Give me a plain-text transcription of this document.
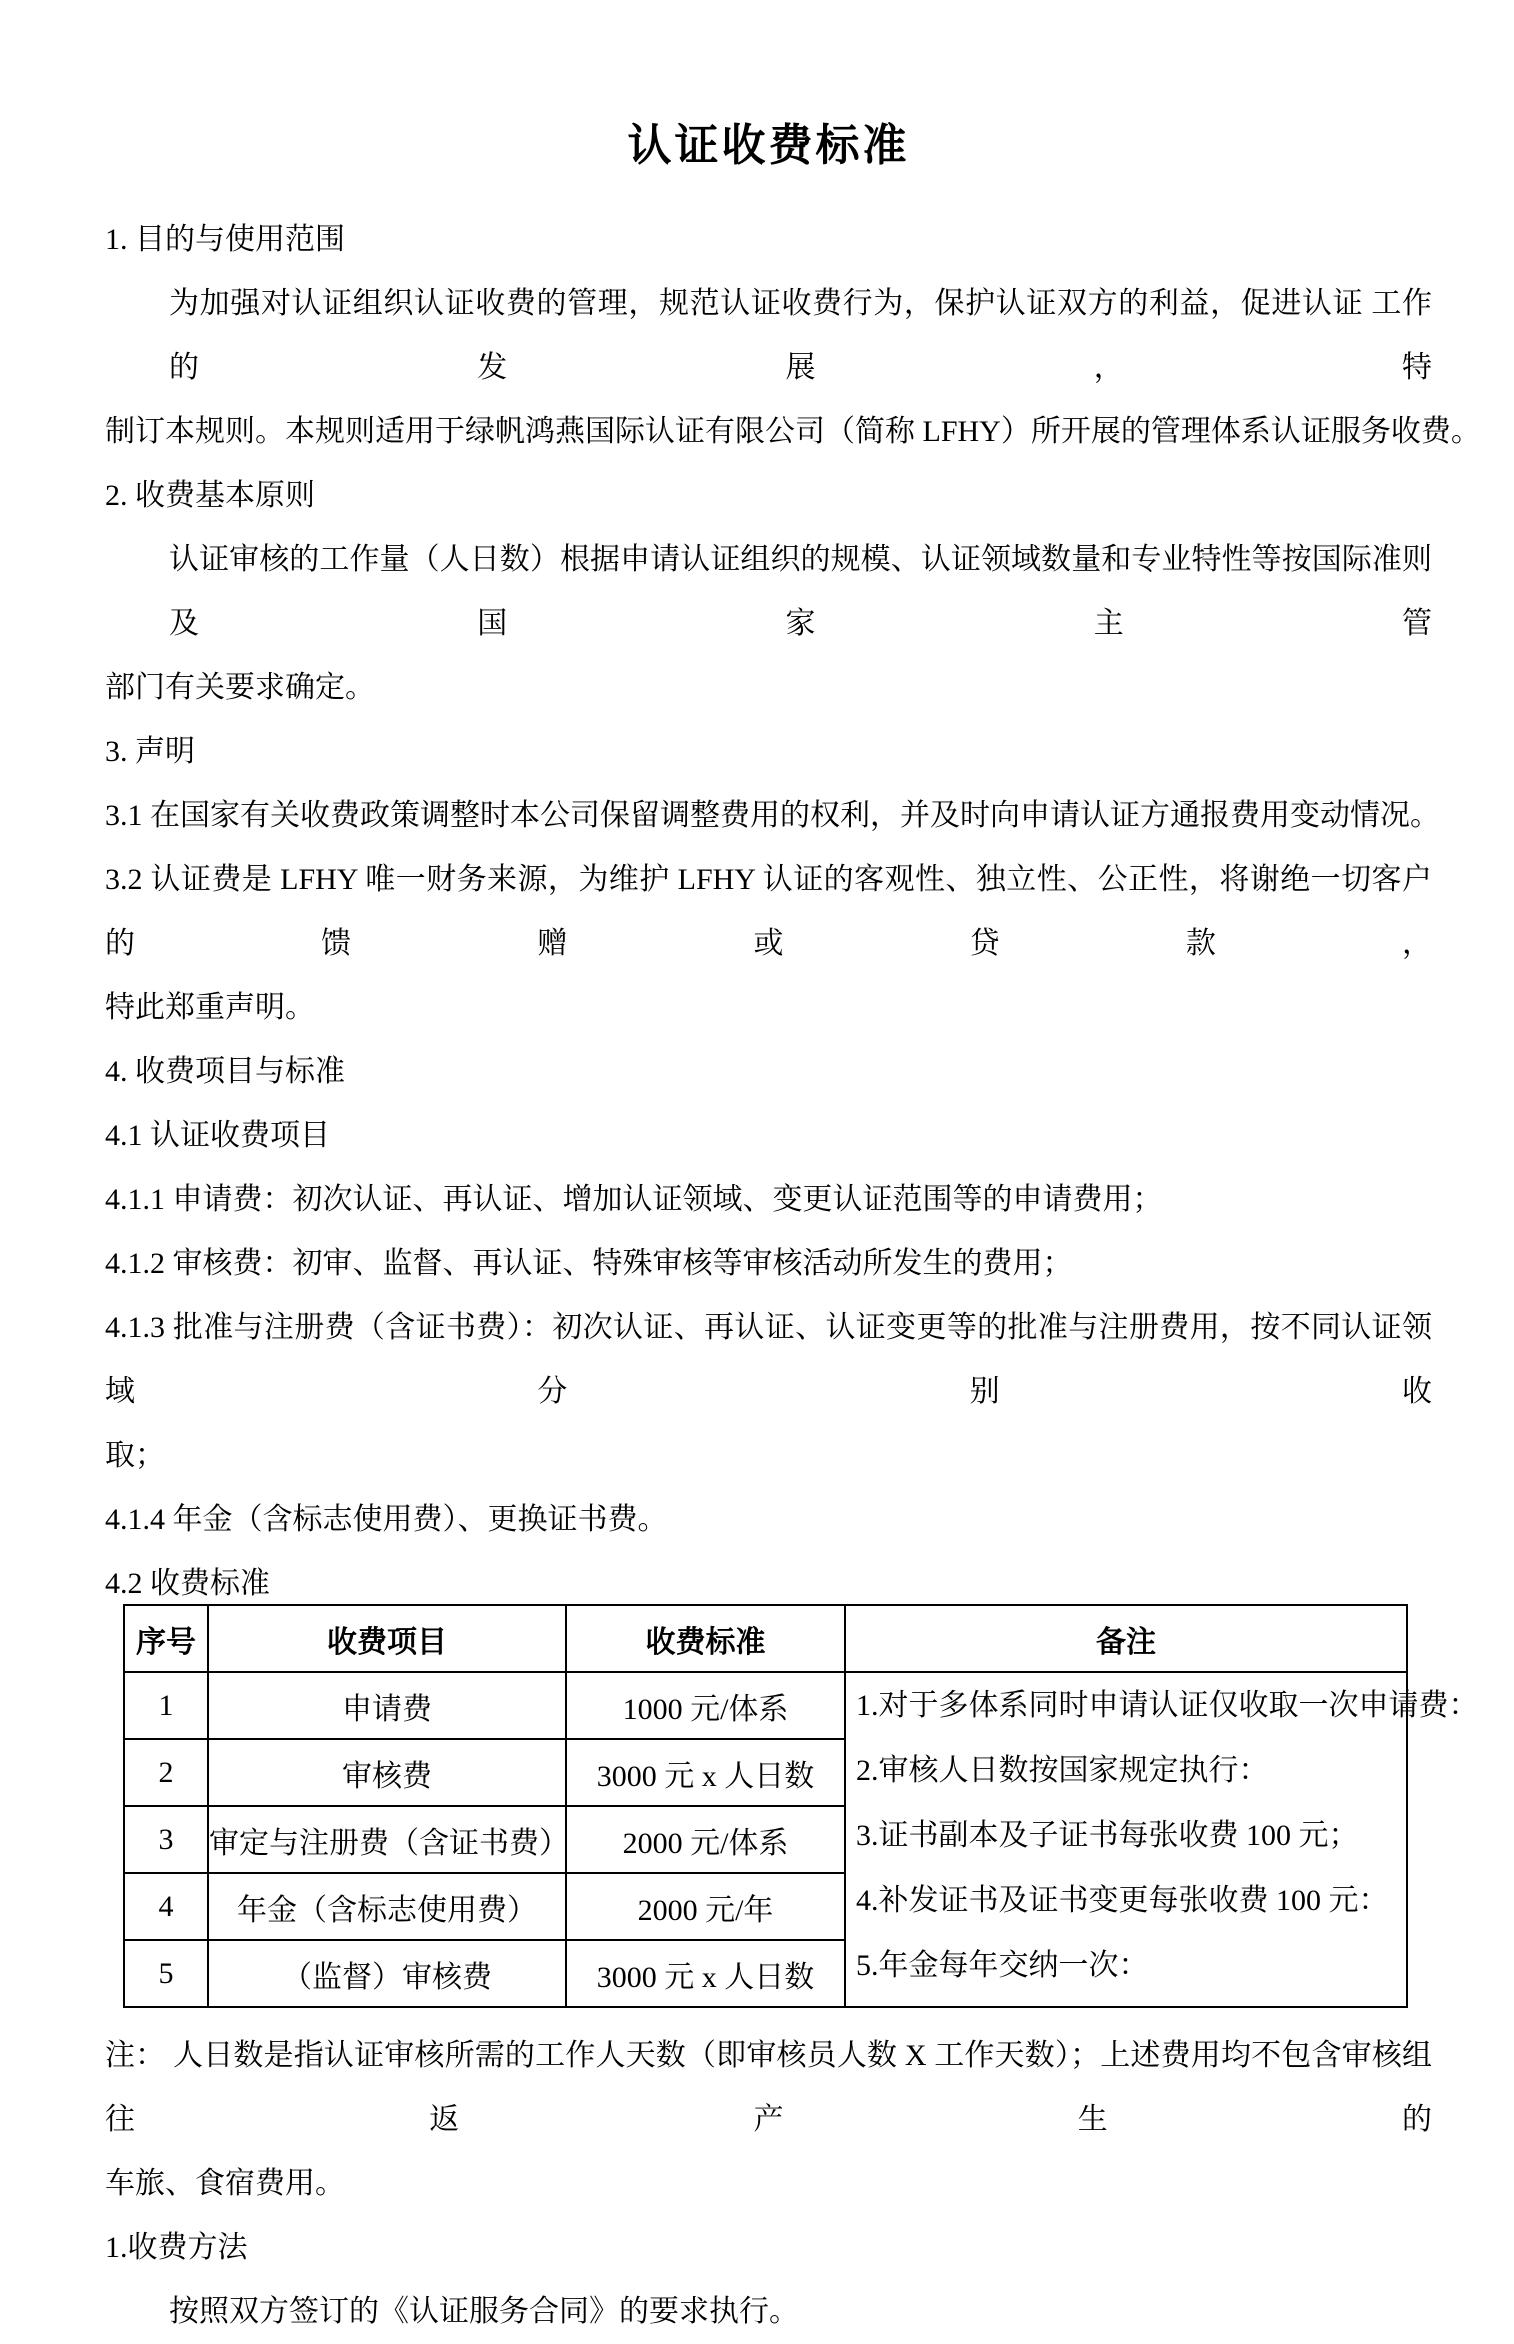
认证收费标准
1. 目的与使用范围
为加强对认证组织认证收费的管理，规范认证收费行为，保护认证双方的利益，促进认证 工作的发展，特
制订本规则。本规则适用于绿帆鸿燕国际认证有限公司（简称 LFHY）所开展的管理体系认证服务收费。
2. 收费基本原则
认证审核的工作量（人日数）根据申请认证组织的规模、认证领域数量和专业特性等按国际准则及国家主管
部门有关要求确定。
3. 声明
3.1 在国家有关收费政策调整时本公司保留调整费用的权利，并及时向申请认证方通报费用变动情况。
3.2 认证费是 LFHY 唯一财务来源，为维护 LFHY 认证的客观性、独立性、公正性，将谢绝一切客户的馈赠或贷款，
特此郑重声明。
4. 收费项目与标准
4.1 认证收费项目
4.1.1 申请费：初次认证、再认证、增加认证领域、变更认证范围等的申请费用；
4.1.2 审核费：初审、监督、再认证、特殊审核等审核活动所发生的费用；
4.1.3 批准与注册费（含证书费）：初次认证、再认证、认证变更等的批准与注册费用，按不同认证领域分别收
取；
4.1.4 年金（含标志使用费）、更换证书费。
4.2 收费标准
序号	收费项目	收费标准	备注
1	申请费	1000 元/体系	1.对于多体系同时申请认证仅收取一次申请费：
2.审核人日数按国家规定执行：
3.证书副本及子证书每张收费 100 元；
4.补发证书及证书变更每张收费 100 元：
5.年金每年交纳一次：

2	审核费	3000 元 x 人日数	
3	审定与注册费（含证书费）	2000 元/体系	
4	年金（含标志使用费）	2000 元/年	
5	（监督）审核费	3000 元 x 人日数	
注： 人日数是指认证审核所需的工作人天数（即审核员人数 X 工作天数）；上述费用均不包含审核组往返产生的
车旅、食宿费用。
1.收费方法
按照双方签订的《认证服务合同》的要求执行。
